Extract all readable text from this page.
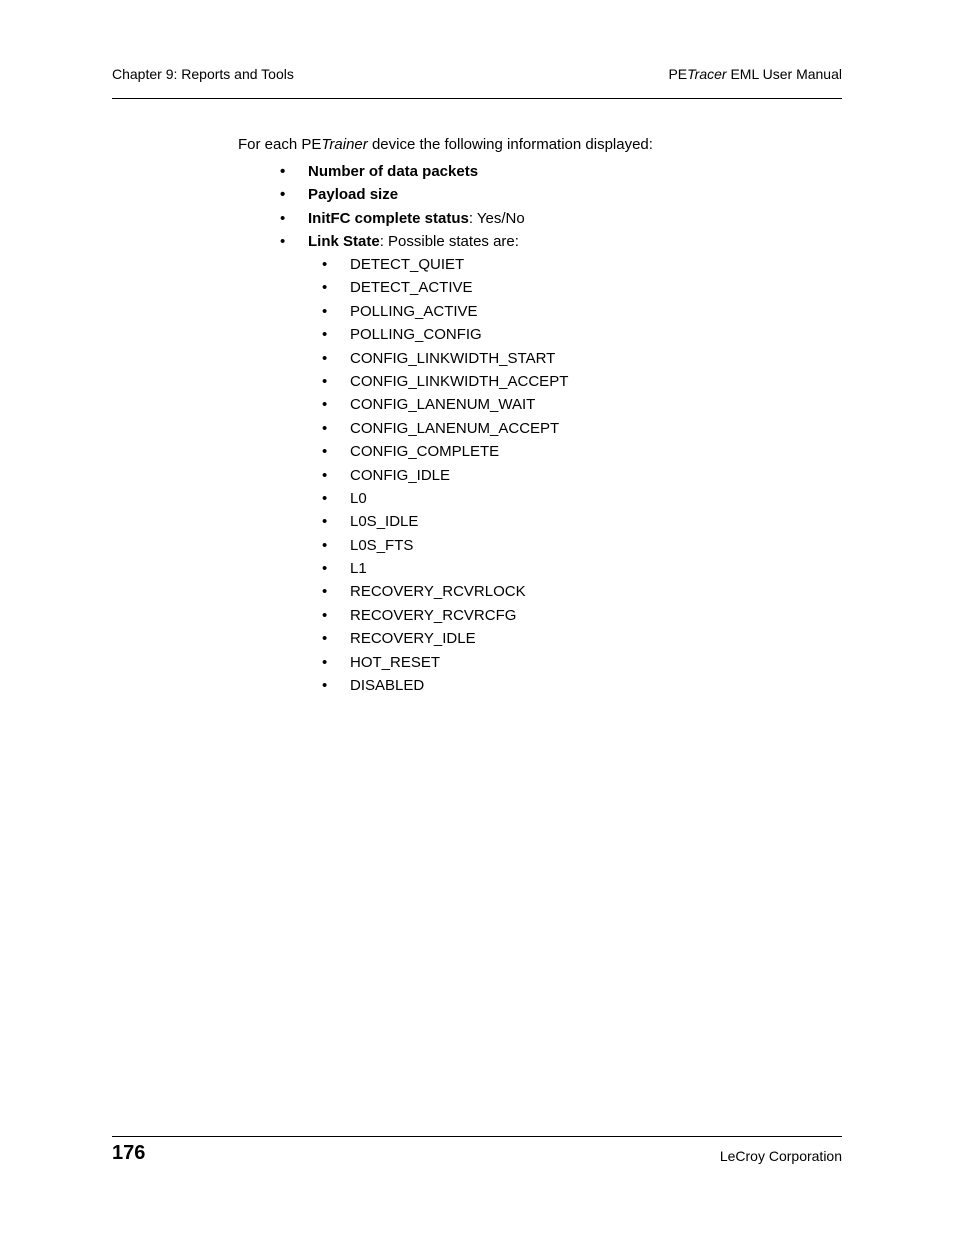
Chapter 9: Reports and Tools	PETracer EML User Manual
For each PETrainer device the following information displayed:
• Number of data packets
• Payload size
• InitFC complete status: Yes/No
• Link State: Possible states are:
• DETECT_QUIET
• DETECT_ACTIVE
• POLLING_ACTIVE
• POLLING_CONFIG
• CONFIG_LINKWIDTH_START
• CONFIG_LINKWIDTH_ACCEPT
• CONFIG_LANENUM_WAIT
• CONFIG_LANENUM_ACCEPT
• CONFIG_COMPLETE
• CONFIG_IDLE
• L0
• L0S_IDLE
• L0S_FTS
• L1
• RECOVERY_RCVRLOCK
• RECOVERY_RCVRCFG
• RECOVERY_IDLE
• HOT_RESET
• DISABLED
176	LeCroy Corporation
